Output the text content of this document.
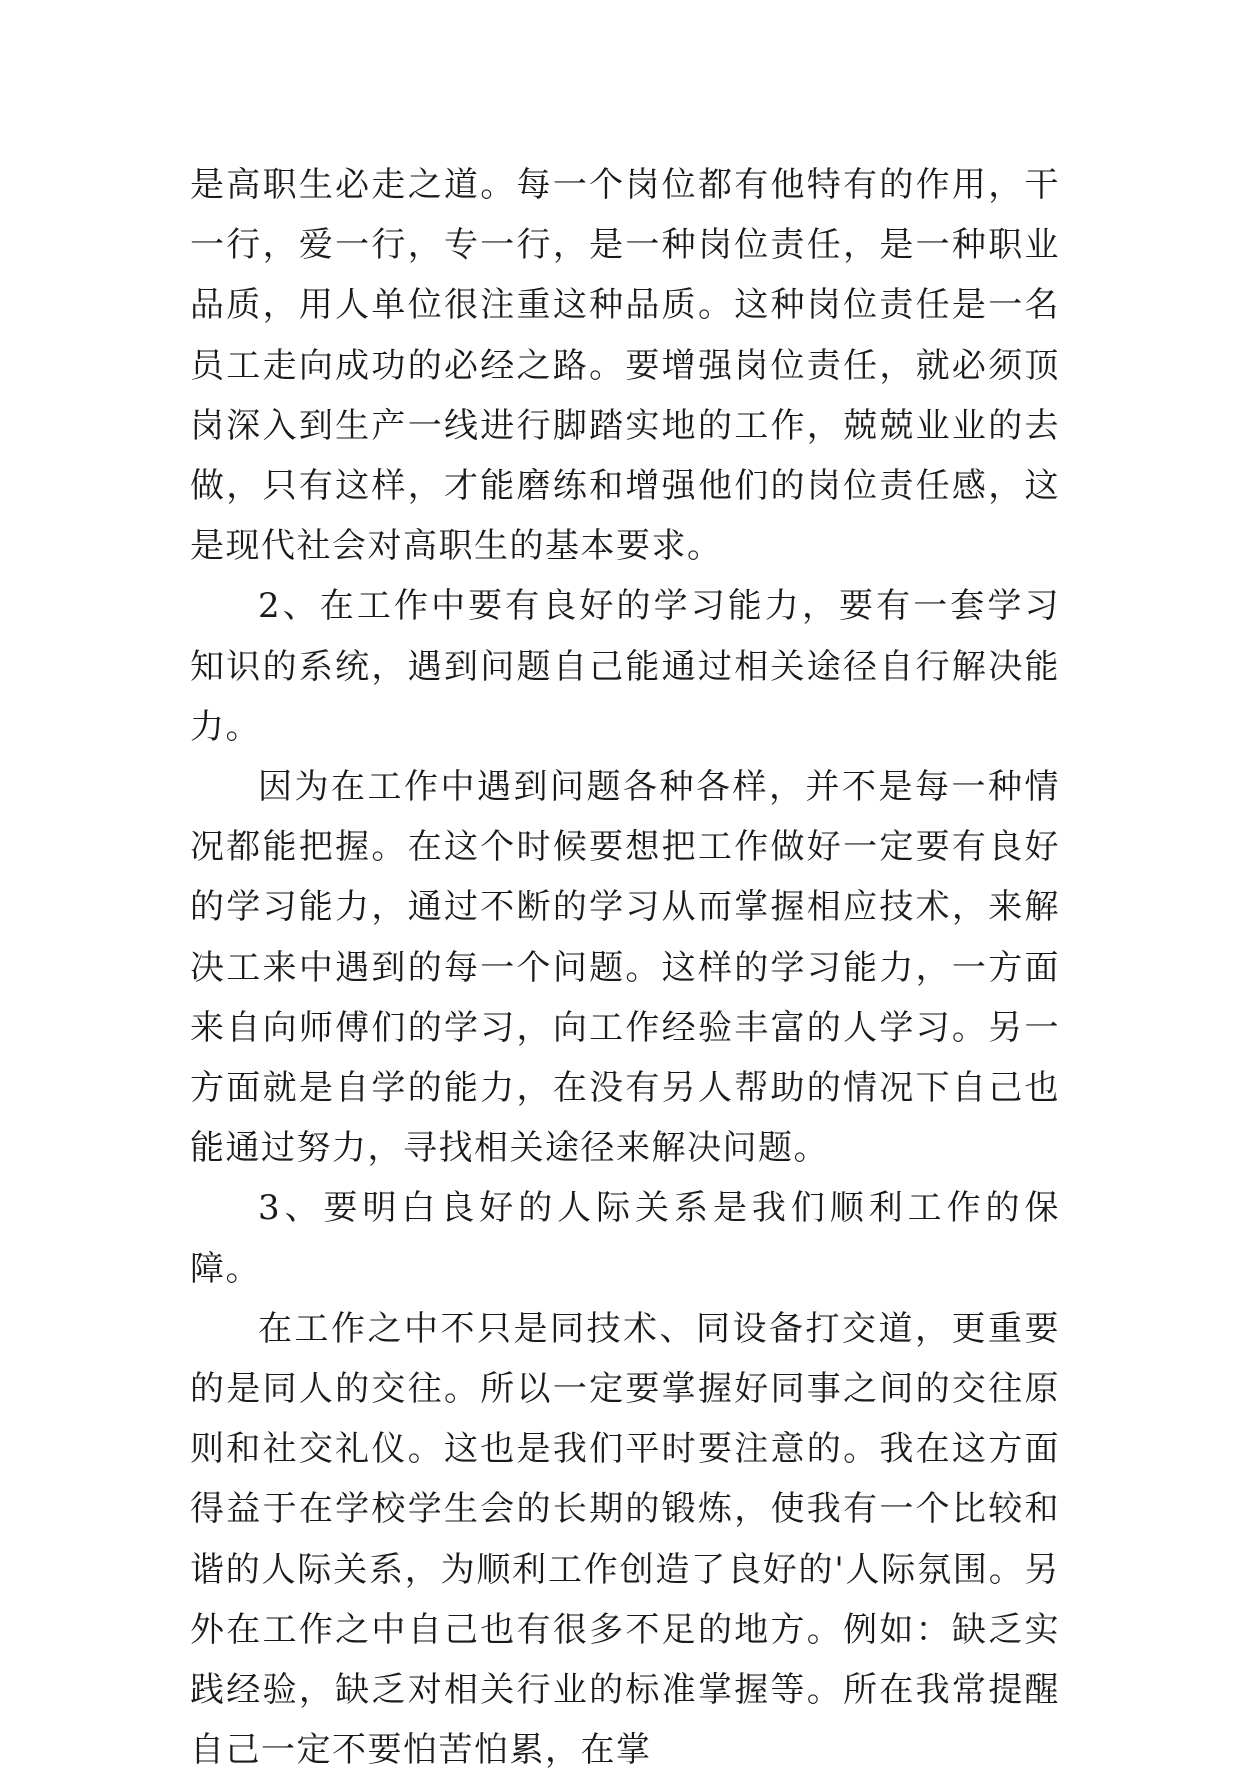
是高职生必走之道。每一个岗位都有他特有的作用，干一行，爱一行，专一行，是一种岗位责任，是一种职业品质，用人单位很注重这种品质。这种岗位责任是一名员工走向成功的必经之路。要增强岗位责任，就必须顶岗深入到生产一线进行脚踏实地的工作，兢兢业业的去做，只有这样，才能磨练和增强他们的岗位责任感，这是现代社会对高职生的基本要求。

2、在工作中要有良好的学习能力，要有一套学习知识的系统，遇到问题自己能通过相关途径自行解决能力。

因为在工作中遇到问题各种各样，并不是每一种情况都能把握。在这个时候要想把工作做好一定要有良好的学习能力，通过不断的学习从而掌握相应技术，来解决工来中遇到的每一个问题。这样的学习能力，一方面来自向师傅们的学习，向工作经验丰富的人学习。另一方面就是自学的能力，在没有另人帮助的情况下自己也能通过努力，寻找相关途径来解决问题。

3、要明白良好的人际关系是我们顺利工作的保障。

在工作之中不只是同技术、同设备打交道，更重要的是同人的交往。所以一定要掌握好同事之间的交往原则和社交礼仪。这也是我们平时要注意的。我在这方面得益于在学校学生会的长期的锻炼，使我有一个比较和谐的人际关系，为顺利工作创造了良好的'人际氛围。另外在工作之中自己也有很多不足的地方。例如：缺乏实践经验，缺乏对相关行业的标准掌握等。所在我常提醒自己一定不要怕苦怕累，在掌
